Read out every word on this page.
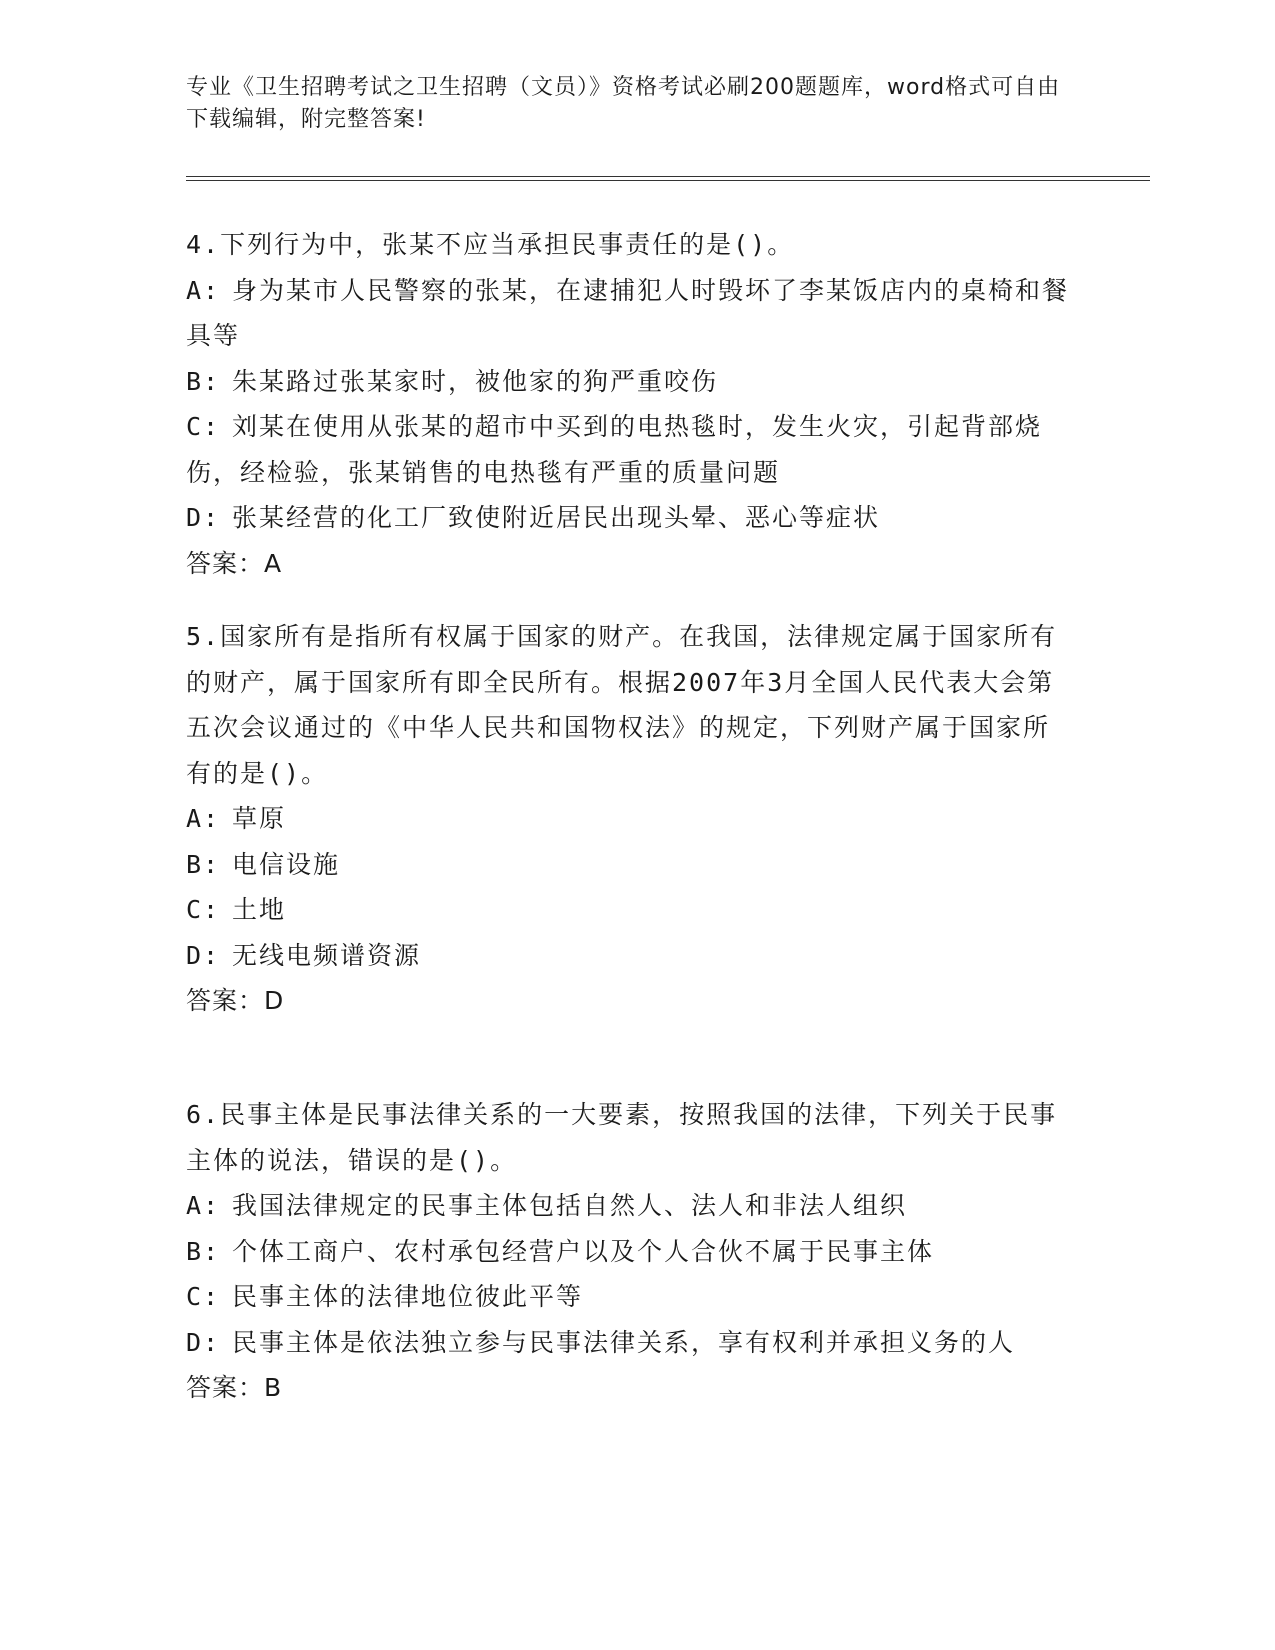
专业《卫生招聘考试之卫生招聘（文员）》资格考试必刷200题题库，word格式可自由下载编辑，附完整答案!
4.下列行为中，张某不应当承担民事责任的是()。
A: 身为某市人民警察的张某，在逮捕犯人时毁坏了李某饭店内的桌椅和餐具等
B: 朱某路过张某家时，被他家的狗严重咬伤
C: 刘某在使用从张某的超市中买到的电热毯时，发生火灾，引起背部烧伤，经检验，张某销售的电热毯有严重的质量问题
D: 张某经营的化工厂致使附近居民出现头晕、恶心等症状
答案：A
5.国家所有是指所有权属于国家的财产。在我国，法律规定属于国家所有的财产，属于国家所有即全民所有。根据2007年3月全国人民代表大会第五次会议通过的《中华人民共和国物权法》的规定，下列财产属于国家所有的是()。
A: 草原
B: 电信设施
C: 土地
D: 无线电频谱资源
答案：D
6.民事主体是民事法律关系的一大要素，按照我国的法律，下列关于民事主体的说法，错误的是()。
A: 我国法律规定的民事主体包括自然人、法人和非法人组织
B: 个体工商户、农村承包经营户以及个人合伙不属于民事主体
C: 民事主体的法律地位彼此平等
D: 民事主体是依法独立参与民事法律关系，享有权利并承担义务的人
答案：B
